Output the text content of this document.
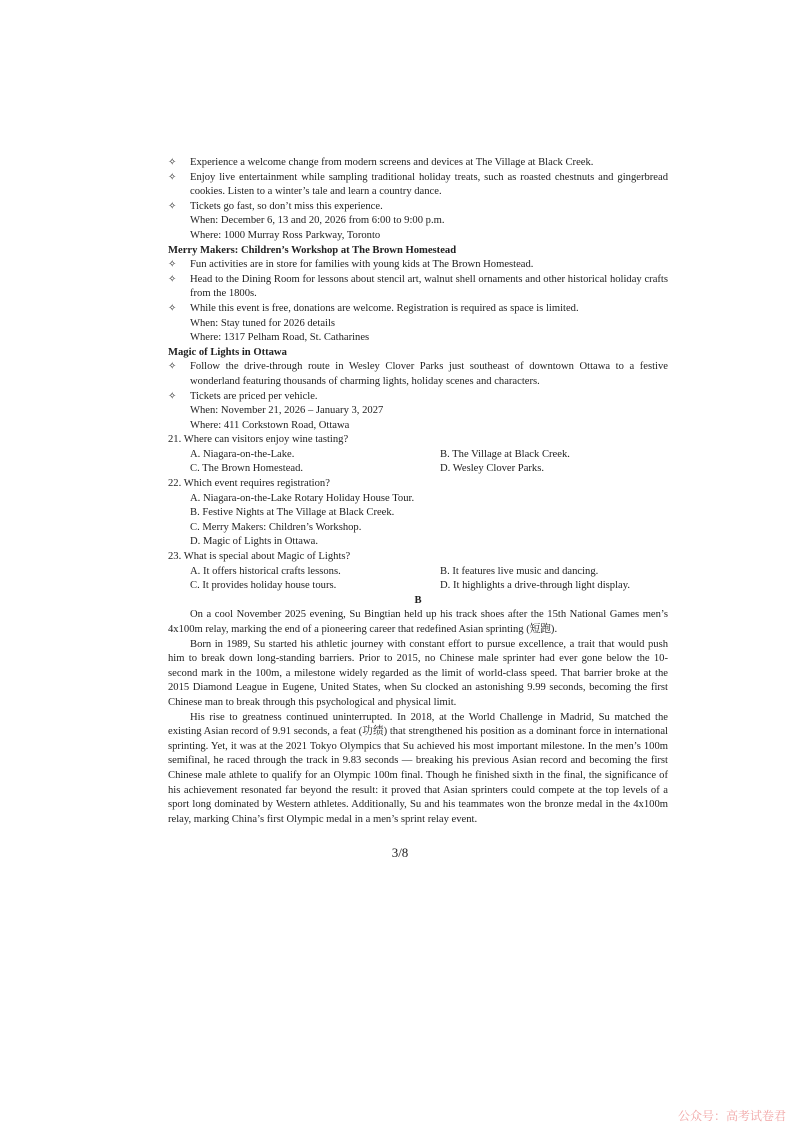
✧	Experience a welcome change from modern screens and devices at The Village at Black Creek.
✧	Enjoy live entertainment while sampling traditional holiday treats, such as roasted chestnuts and gingerbread cookies. Listen to a winter’s tale and learn a country dance.
✧	Tickets go fast, so don’t miss this experience.
When: December 6, 13 and 20, 2026 from 6:00 to 9:00 p.m.
Where: 1000 Murray Ross Parkway, Toronto
Merry Makers: Children’s Workshop at The Brown Homestead
✧	Fun activities are in store for families with young kids at The Brown Homestead.
✧	Head to the Dining Room for lessons about stencil art, walnut shell ornaments and other historical holiday crafts from the 1800s.
✧	While this event is free, donations are welcome. Registration is required as space is limited.
When: Stay tuned for 2026 details
Where: 1317 Pelham Road, St. Catharines
Magic of Lights in Ottawa
✧	Follow the drive-through route in Wesley Clover Parks just southeast of downtown Ottawa to a festive wonderland featuring thousands of charming lights, holiday scenes and characters.
✧	Tickets are priced per vehicle.
When: November 21, 2026 – January 3, 2027
Where: 411 Corkstown Road, Ottawa
21. Where can visitors enjoy wine tasting?
A. Niagara-on-the-Lake.	B. The Village at Black Creek.
C. The Brown Homestead.	D. Wesley Clover Parks.
22. Which event requires registration?
A. Niagara-on-the-Lake Rotary Holiday House Tour.
B. Festive Nights at The Village at Black Creek.
C. Merry Makers: Children’s Workshop.
D. Magic of Lights in Ottawa.
23. What is special about Magic of Lights?
A. It offers historical crafts lessons.	B. It features live music and dancing.
C. It provides holiday house tours.	D. It highlights a drive-through light display.
B
On a cool November 2025 evening, Su Bingtian held up his track shoes after the 15th National Games men’s 4x100m relay, marking the end of a pioneering career that redefined Asian sprinting (短跑).
Born in 1989, Su started his athletic journey with constant effort to pursue excellence, a trait that would push him to break down long-standing barriers. Prior to 2015, no Chinese male sprinter had ever gone below the 10-second mark in the 100m, a milestone widely regarded as the limit of world-class speed. That barrier broke at the 2015 Diamond League in Eugene, United States, when Su clocked an astonishing 9.99 seconds, becoming the first Chinese man to break through this psychological and physical limit.
His rise to greatness continued uninterrupted. In 2018, at the World Challenge in Madrid, Su matched the existing Asian record of 9.91 seconds, a feat (功绩) that strengthened his position as a dominant force in international sprinting. Yet, it was at the 2021 Tokyo Olympics that Su achieved his most important milestone. In the men’s 100m semifinal, he raced through the track in 9.83 seconds — breaking his previous Asian record and becoming the first Chinese male athlete to qualify for an Olympic 100m final. Though he finished sixth in the final, the significance of his achievement resonated far beyond the result: it proved that Asian sprinters could compete at the top levels of a sport long dominated by Western athletes. Additionally, Su and his teammates won the bronze medal in the 4x100m relay, marking China’s first Olympic medal in a men’s sprint relay event.
3/8
公众号：高考试卷君
